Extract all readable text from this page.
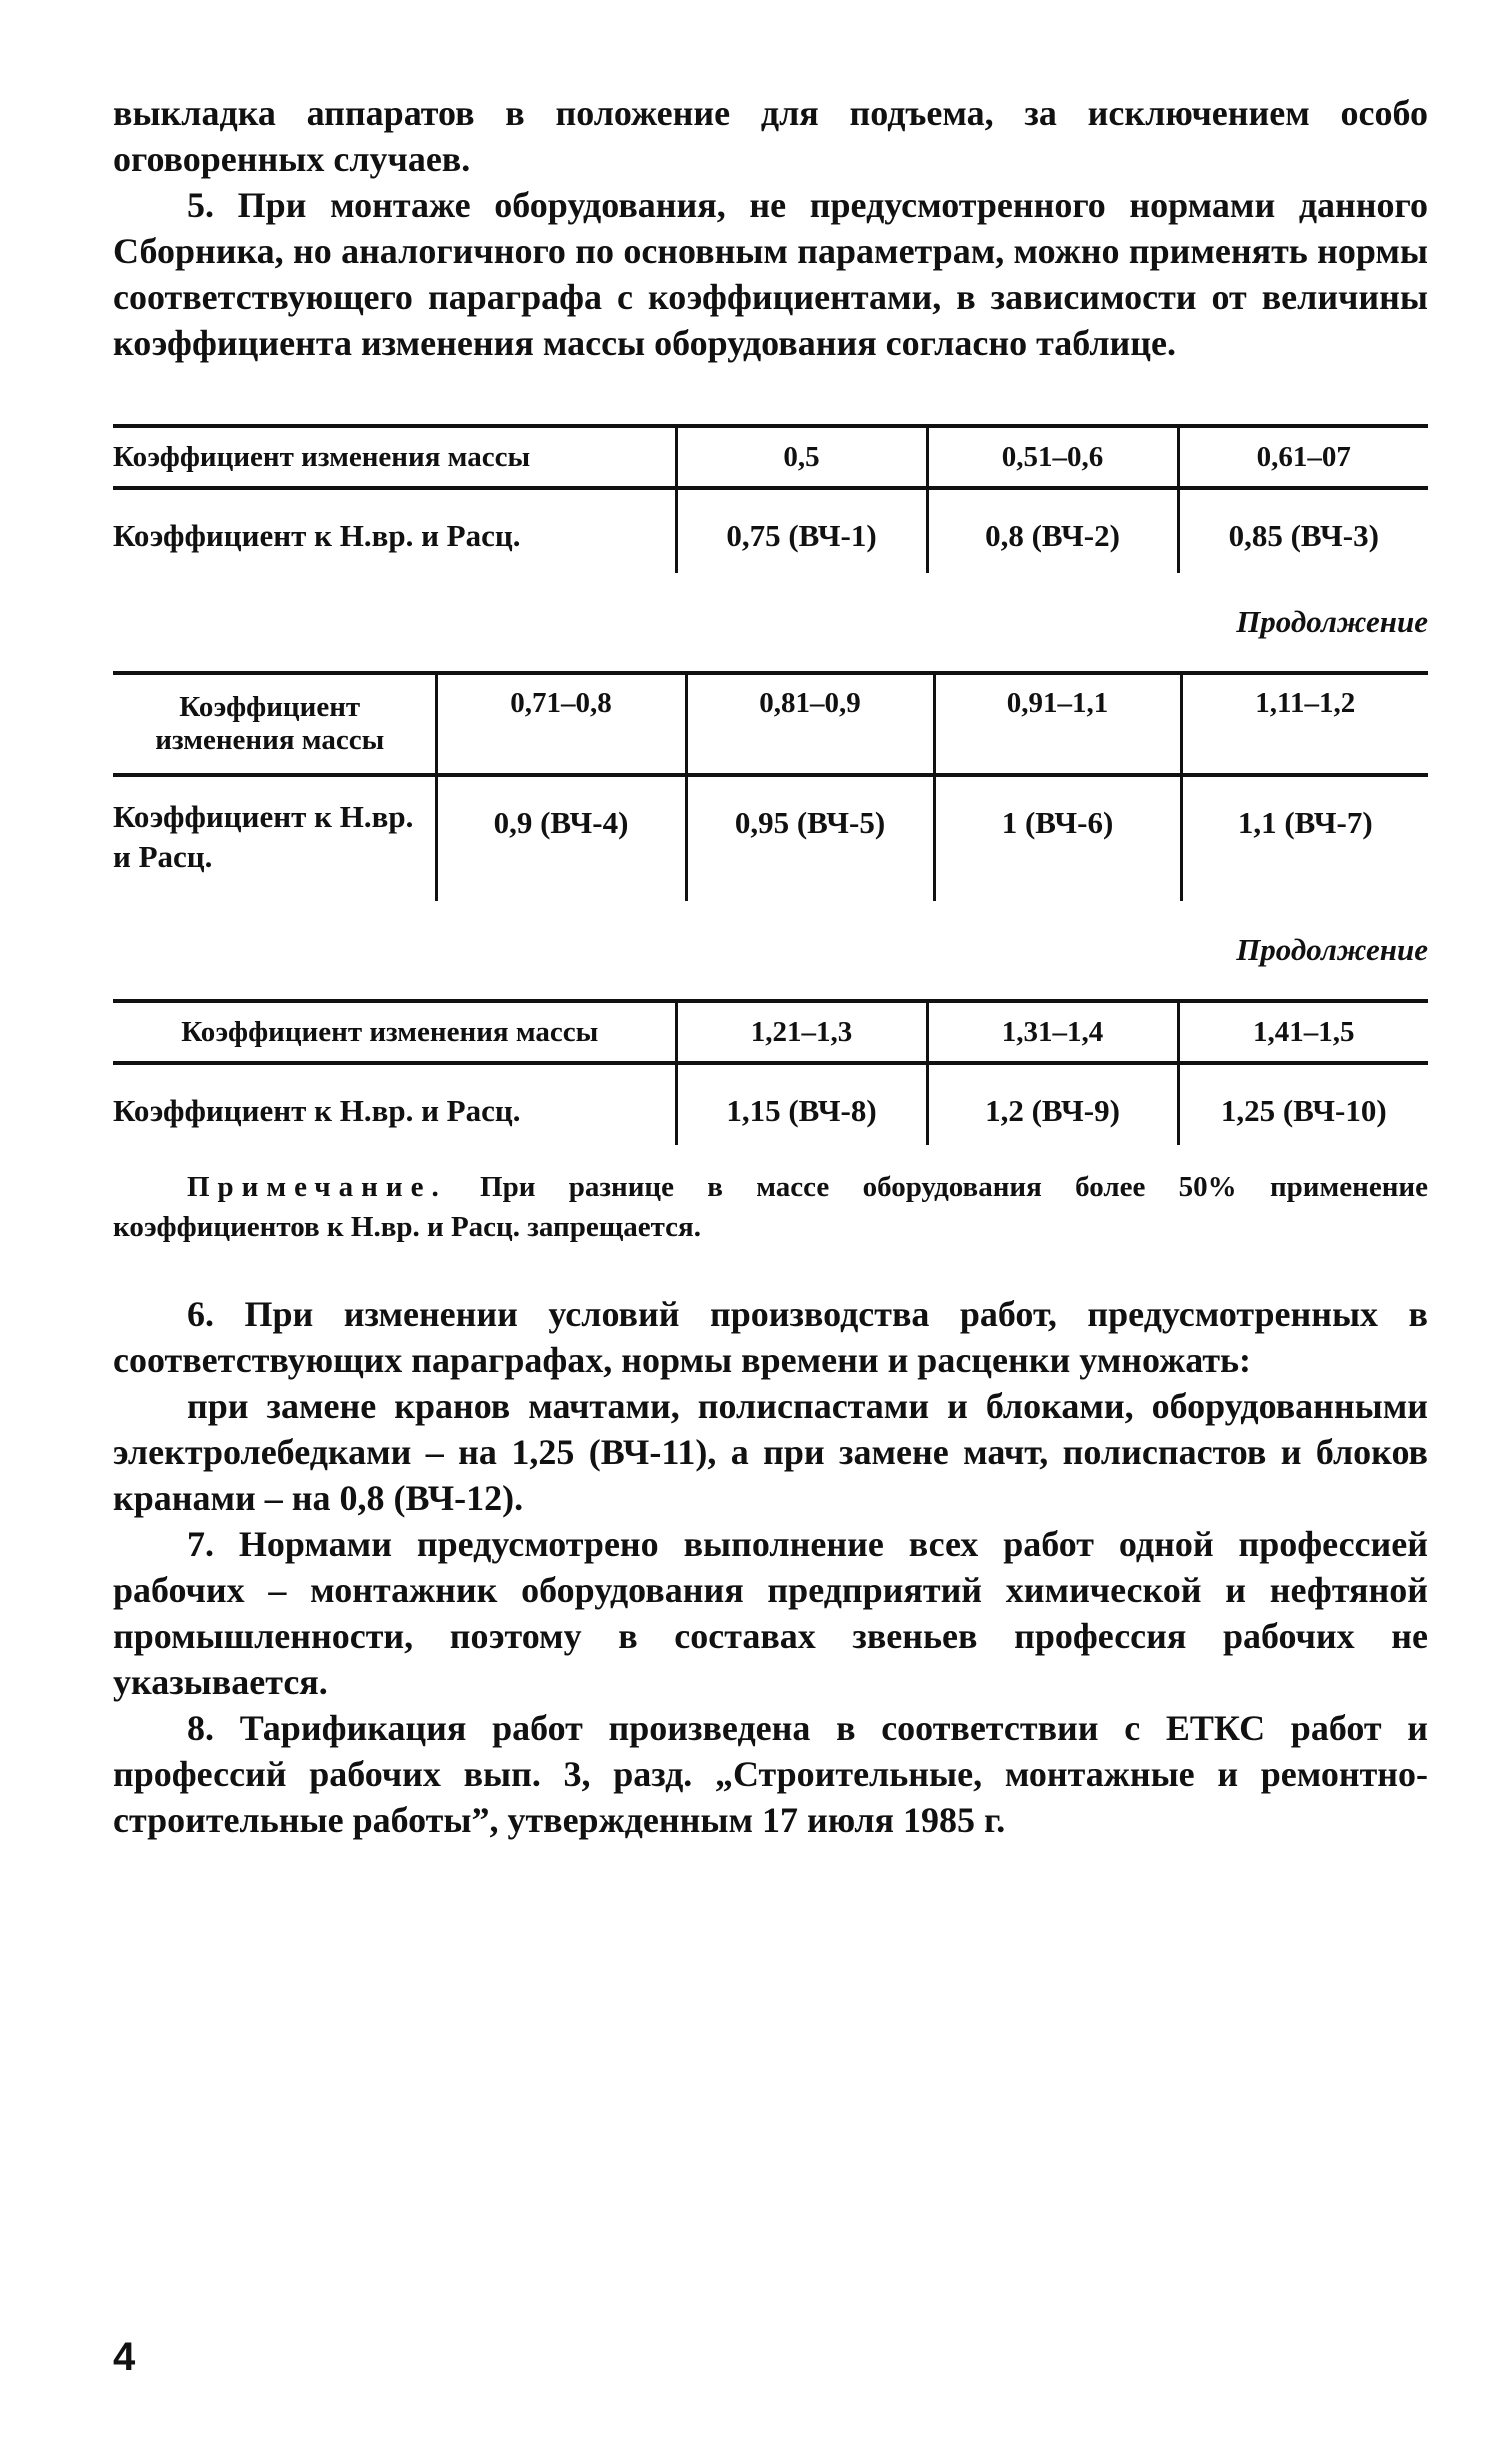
выкладка аппаратов в положение для подъема, за исключением особо оговоренных случаев.

5. При монтаже оборудования, не предусмотренного нормами данного Сборника, но аналогичного по основным параметрам, можно применять нормы соответствующего параграфа с коэффициентами, в зависимости от величины коэффициента изменения массы оборудования согласно таблице.

Коэффициент изменения массы	0,5	0,51–0,6	0,61–07
Коэффициент к Н.вр. и Расц.	0,75 (ВЧ-1)	0,8 (ВЧ-2)	0,85 (ВЧ-3)
Продолжение
Коэффициент изменения массы	0,71–0,8	0,81–0,9	0,91–1,1	1,11–1,2
Коэффициент к Н.вр. и Расц.	0,9 (ВЧ-4)	0,95 (ВЧ-5)	1 (ВЧ-6)	1,1 (ВЧ-7)
Продолжение
Коэффициент изменения массы	1,21–1,3	1,31–1,4	1,41–1,5
Коэффициент к Н.вр. и Расц.	1,15 (ВЧ-8)	1,2 (ВЧ-9)	1,25 (ВЧ-10)

Примечание. При разнице в массе оборудования более 50% применение коэффициентов к Н.вр. и Расц. запрещается.

6. При изменении условий производства работ, предусмотренных в соответствующих параграфах, нормы времени и расценки умножать:

при замене кранов мачтами, полиспастами и блоками, оборудованными электролебедками – на 1,25 (ВЧ-11), а при замене мачт, полиспастов и блоков кранами – на 0,8 (ВЧ-12).

7. Нормами предусмотрено выполнение всех работ одной профессией рабочих – монтажник оборудования предприятий химической и нефтяной промышленности, поэтому в составах звеньев профессия рабочих не указывается.

8. Тарификация работ произведена в соответствии с ЕТКС работ и профессий рабочих вып. 3, разд. „Строительные, монтажные и ремонтно-строительные работы”, утвержденным 17 июля 1985 г.

4
